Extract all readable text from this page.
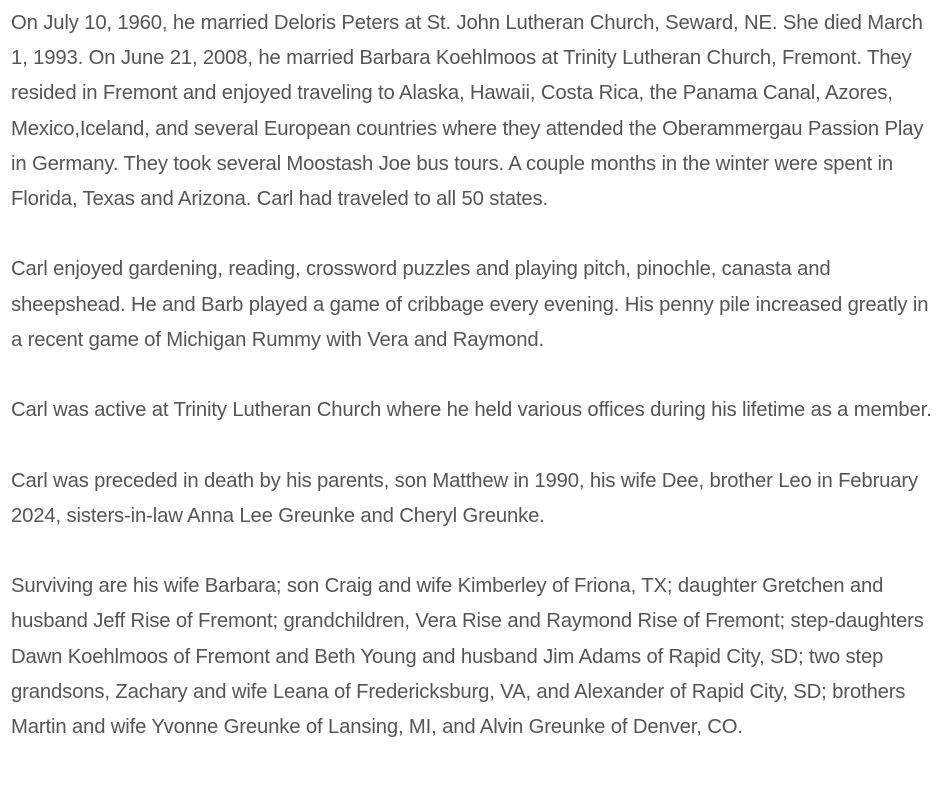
On July 10, 1960, he married Deloris Peters at St. John Lutheran Church, Seward, NE. She died March 1, 1993. On June 21, 2008, he married Barbara Koehlmoos at Trinity Lutheran Church, Fremont. They resided in Fremont and enjoyed traveling to Alaska, Hawaii, Costa Rica, the Panama Canal, Azores, Mexico,Iceland, and several European countries where they attended the Oberammergau Passion Play in Germany. They took several Moostash Joe bus tours. A couple months in the winter were spent in Florida, Texas and Arizona. Carl had traveled to all 50 states.

Carl enjoyed gardening, reading, crossword puzzles and playing pitch, pinochle, canasta and sheepshead. He and Barb played a game of cribbage every evening. His penny pile increased greatly in a recent game of Michigan Rummy with Vera and Raymond.

Carl was active at Trinity Lutheran Church where he held various offices during his lifetime as a member.

Carl was preceded in death by his parents, son Matthew in 1990, his wife Dee, brother Leo in February 2024, sisters-in-law Anna Lee Greunke and Cheryl Greunke.

Surviving are his wife Barbara; son Craig and wife Kimberley of Friona, TX; daughter Gretchen and husband Jeff Rise of Fremont; grandchildren, Vera Rise and Raymond Rise of Fremont; step-daughters Dawn Koehlmoos of Fremont and Beth Young and husband Jim Adams of Rapid City, SD; two step grandsons, Zachary and wife Leana of Fredericksburg, VA, and Alexander of Rapid City, SD; brothers Martin and wife Yvonne Greunke of Lansing, MI, and Alvin Greunke of Denver, CO.
